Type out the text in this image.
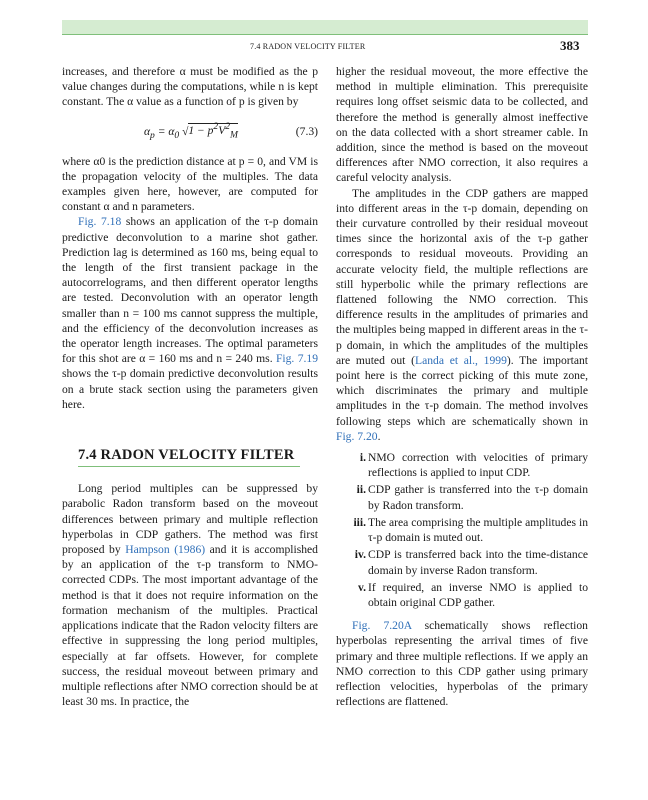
7.4 RADON VELOCITY FILTER	383

increases, and therefore α must be modified as the p value changes during the computations, while n is kept constant. The α value as a function of p is given by

$\alpha_p = \alpha_0$ $√1 - p^2V^2_M$	(7.3)

where α0 is the prediction distance at p = 0, and VM is the propagation velocity of the multiples. The data examples given here, however, are computed for constant α and n parameters.

Fig. 7.18 shows an application of the τ-p domain predictive deconvolution to a marine shot gather. Prediction lag is determined as 160 ms, being equal to the length of the first transient package in the autocorrelograms, and then different operator lengths are tested. Deconvolution with an operator length smaller than n = 100 ms cannot suppress the multiple, and the efficiency of the deconvolution increases as the operator length increases. The optimal parameters for this shot are α = 160 ms and n = 240 ms. Fig. 7.19 shows the τ-p domain predictive deconvolution results on a brute stack section using the parameters given here.

7.4 RADON VELOCITY FILTER

Long period multiples can be suppressed by parabolic Radon transform based on the moveout differences between primary and multiple reflection hyperbolas in CDP gathers. The method was first proposed by Hampson (1986) and it is accomplished by an application of the τ-p transform to NMO-corrected CDPs. The most important advantage of the method is that it does not require information on the formation mechanism of the multiples. Practical applications indicate that the Radon velocity filters are effective in suppressing the long period multiples, especially at far offsets. However, for complete success, the residual moveout between primary and multiple reflections after NMO correction should be at least 30 ms. In practice, the

higher the residual moveout, the more effective the method in multiple elimination. This prerequisite requires long offset seismic data to be collected, and therefore the method is generally almost ineffective on the data collected with a short streamer cable. In addition, since the method is based on the moveout differences after NMO correction, it also requires a careful velocity analysis.

The amplitudes in the CDP gathers are mapped into different areas in the τ-p domain, depending on their curvature controlled by their residual moveout times since the horizontal axis of the τ-p gather corresponds to residual moveouts. Providing an accurate velocity field, the multiple reflections are still hyperbolic while the primary reflections are flattened following the NMO correction. This difference results in the amplitudes of primaries and the multiples being mapped in different areas in the τ-p domain, in which the amplitudes of the multiples are muted out (Landa et al., 1999). The important point here is the correct picking of this mute zone, which discriminates the primary and multiple amplitudes in the τ-p domain. The method involves following steps which are schematically shown in Fig. 7.20.

i. NMO correction with velocities of primary reflections is applied to input CDP.
ii. CDP gather is transferred into the τ-p domain by Radon transform.
iii. The area comprising the multiple amplitudes in τ-p domain is muted out.
iv. CDP is transferred back into the time-distance domain by inverse Radon transform.
v. If required, an inverse NMO is applied to obtain original CDP gather.

Fig. 7.20A schematically shows reflection hyperbolas representing the arrival times of five primary and three multiple reflections. If we apply an NMO correction to this CDP gather using primary reflection velocities, hyperbolas of the primary reflections are flattened.
